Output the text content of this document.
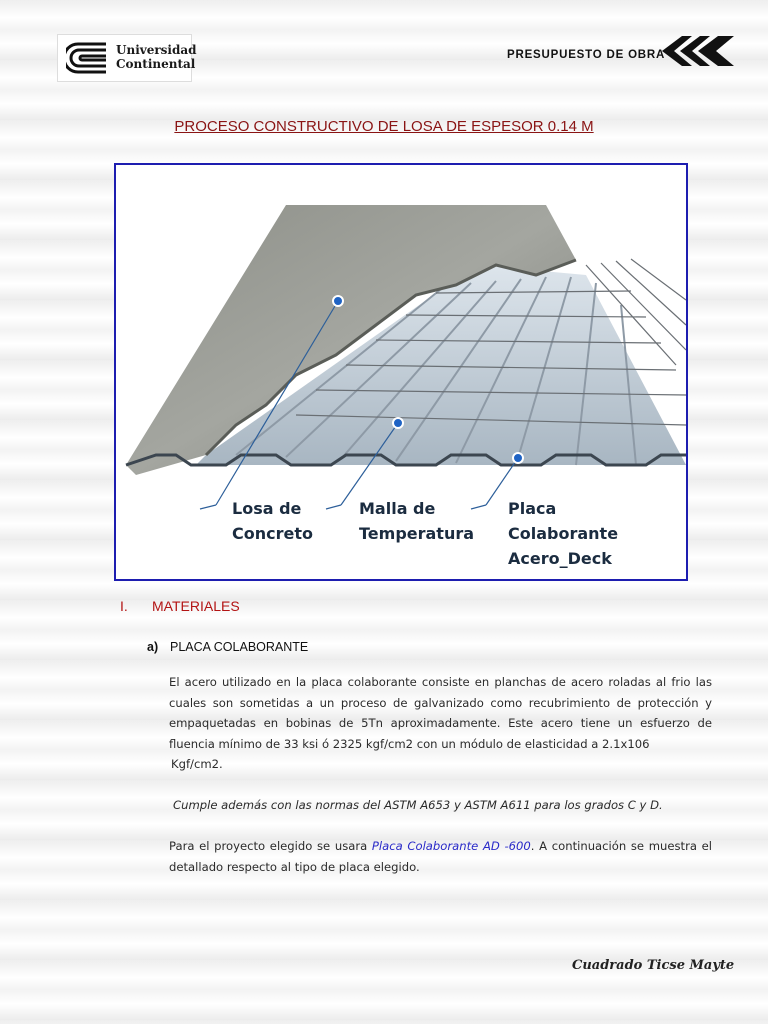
Universidad
Continental
PRESUPUESTO DE OBRA
PROCESO CONSTRUCTIVO DE LOSA DE ESPESOR 0.14 M
Losa de
Concreto
Malla de
Temperatura
Placa
Colaborante
Acero_Deck
I. MATERIALES
a) PLACA COLABORANTE
El acero utilizado en la placa colaborante consiste en planchas de acero roladas al frio las cuales son sometidas a un proceso de galvanizado como recubrimiento de protección y empaquetadas en bobinas de 5Tn aproximadamente. Este acero tiene un esfuerzo de fluencia mínimo de 33 ksi ó 2325 kgf/cm2 con un módulo de elasticidad a 2.1x106
Kgf/cm2.
Cumple además con las normas del ASTM A653 y ASTM A611 para los grados C y D.
Para el proyecto elegido se usara Placa Colaborante AD -600. A continuación se muestra el detallado respecto al tipo de placa elegido.
Cuadrado Ticse Mayte
